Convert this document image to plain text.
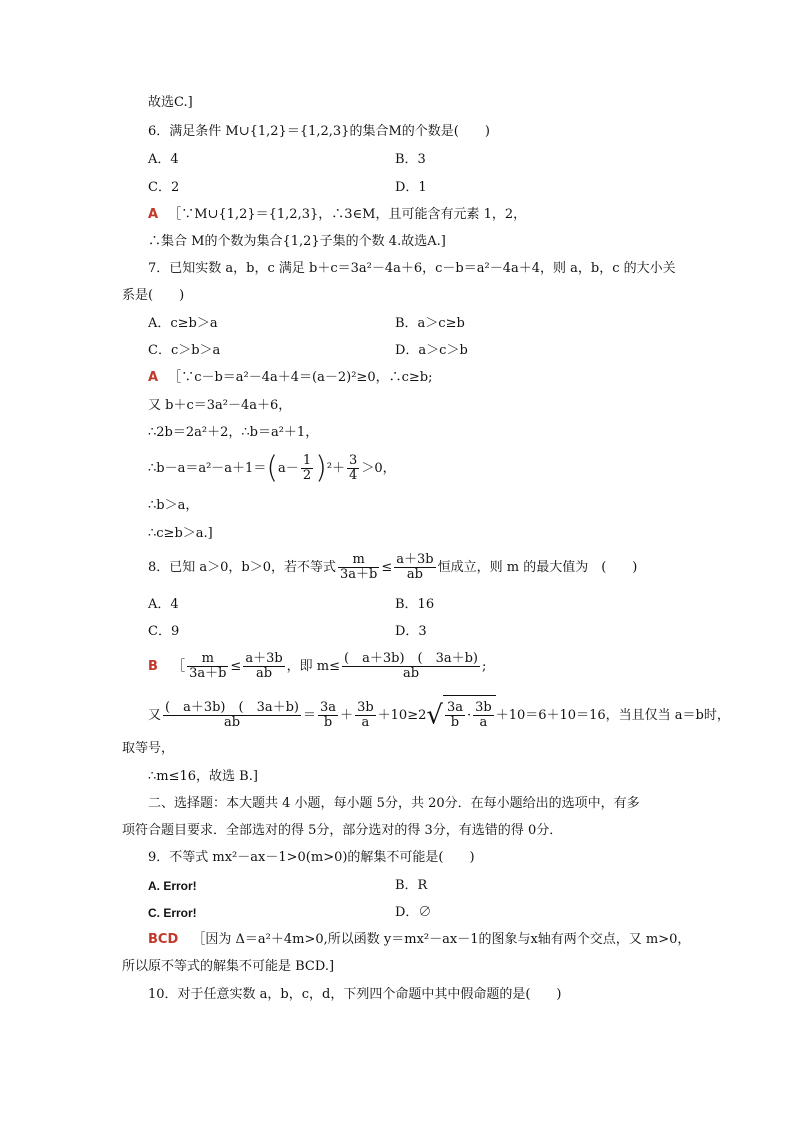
故选C.]
6．满足条件 M∪{1,2}＝{1,2,3}的集合M的个数是(　　)
A．4	B．3
C．2	D．1
A ［∵M∪{1,2}＝{1,2,3}，∴3∈M，且可能含有元素 1，2，
∴集合 M的个数为集合{1,2}子集的个数 4.故选A.]
7．已知实数 a，b，c 满足 b＋c＝3a²－4a＋6，c－b＝a²－4a＋4，则 a，b，c 的大小关
系是(　　)
A．c≥b＞a	B．a＞c≥b
C．c＞b＞a	D．a＞c＞b
A ［∵c－b＝a²－4a＋4＝(a－2)²≥0，∴c≥b;
又 b＋c＝3a²－4a＋6，
∴2b＝2a²＋2，∴b＝a²＋1，
∴b－a＝a²－a＋1＝(a－ $\frac{1}{2} )^2+ \frac{3}{4} >0$，
∴b＞a，
∴c≥b＞a.]
8．已知 a＞0，b＞0，若不等式 $\frac{m}{3a+b} \le \frac{a+3b}{ab}$ 恒成立，则 m 的最大值为　(　　)
A．4	B．16
C．9	D．3
B ［ $\frac{m}{3a+b} \le \frac{a+3b}{ab}$ ，即 $m\le \frac{( a+3b) ( 3a+b)}{ab}$ ;
又 $\frac{( a+3b) ( 3a+b)}{ab} = \frac{3a}{b} + \frac{3b}{a} +10\ge 2√ \frac{3a}{b} \cdot \frac{3b}{a} +10=6+10=16$，当且仅当 a＝b时，
取等号，
∴m≤16，故选 B.]
二、选择题：本大题共 4 小题，每小题 5分，共 20分．在每小题给出的选项中，有多
项符合题目要求．全部选对的得 5分，部分选对的得 3分，有选错的得 0分．
9．不等式 mx²－ax－1>0(m>0)的解集不可能是(　　)
A. Error!	B．R
C. Error!	D．∅
BCD ［因为 Δ＝a²＋4m>0,所以函数 y＝mx²－ax－1的图象与x轴有两个交点，又 m>0，
所以原不等式的解集不可能是 BCD.]
10．对于任意实数 a，b，c，d，下列四个命题中其中假命题的是(　　)
